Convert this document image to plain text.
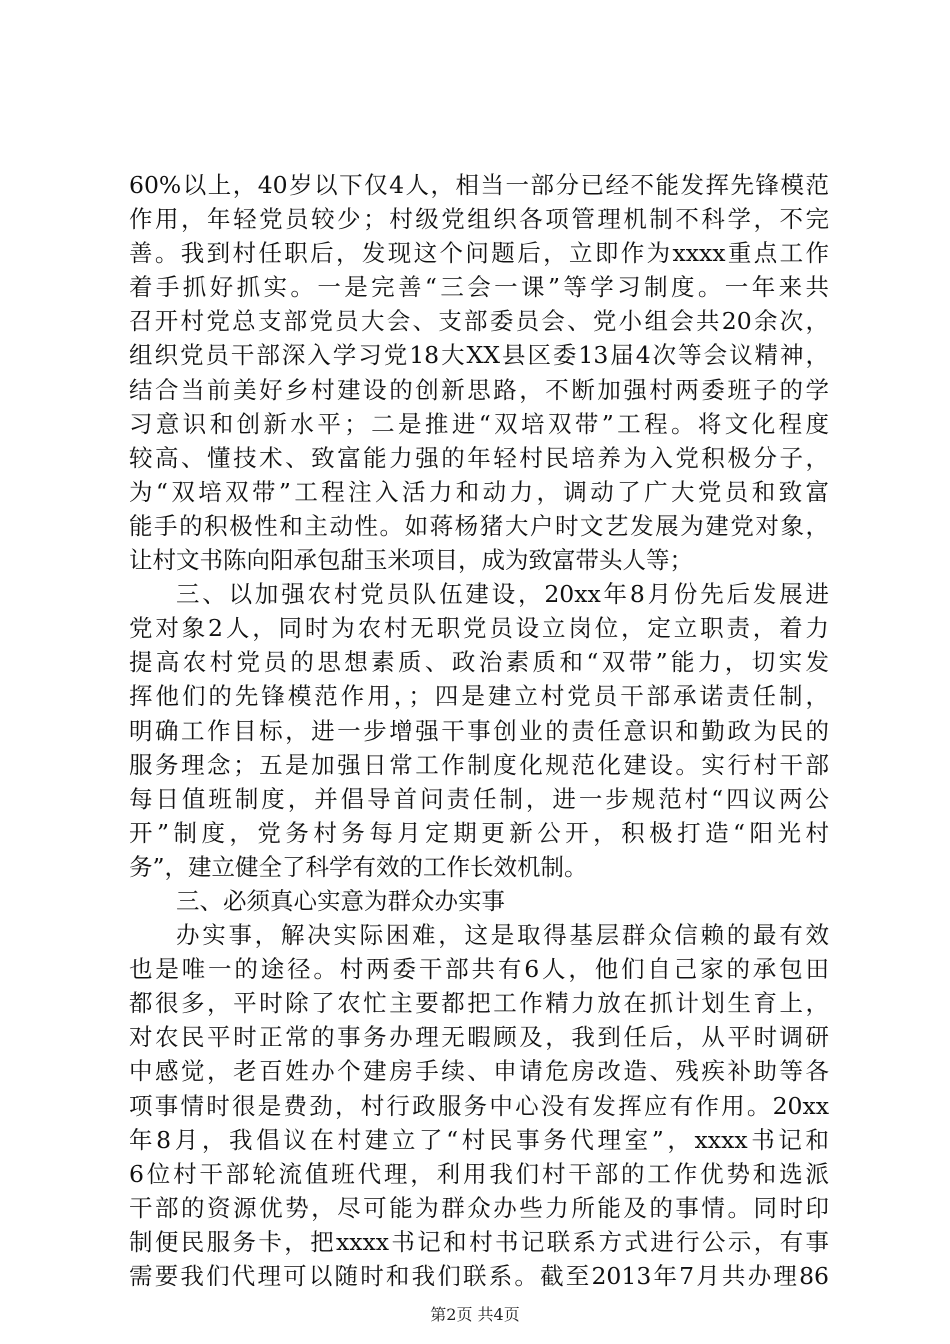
60%以上，40岁以下仅4人，相当一部分已经不能发挥先锋模范
作用，年轻党员较少；村级党组织各项管理机制不科学，不完
善。我到村任职后，发现这个问题后，立即作为xxxx重点工作
着手抓好抓实。一是完善“三会一课”等学习制度。一年来共
召开村党总支部党员大会、支部委员会、党小组会共20余次，
组织党员干部深入学习党18大XX县区委13届4次等会议精神，
结合当前美好乡村建设的创新思路，不断加强村两委班子的学
习意识和创新水平；二是推进“双培双带”工程。将文化程度
较高、懂技术、致富能力强的年轻村民培养为入党积极分子，
为“双培双带”工程注入活力和动力，调动了广大党员和致富
能手的积极性和主动性。如蒋杨猪大户时文艺发展为建党对象，
让村文书陈向阳承包甜玉米项目，成为致富带头人等；
三、以加强农村党员队伍建设，20xx年8月份先后发展进
党对象2人，同时为农村无职党员设立岗位，定立职责，着力
提高农村党员的思想素质、政治素质和“双带”能力，切实发
挥他们的先锋模范作用，；四是建立村党员干部承诺责任制，
明确工作目标，进一步增强干事创业的责任意识和勤政为民的
服务理念；五是加强日常工作制度化规范化建设。实行村干部
每日值班制度，并倡导首问责任制，进一步规范村“四议两公
开”制度，党务村务每月定期更新公开，积极打造“阳光村
务”，建立健全了科学有效的工作长效机制。
三、必须真心实意为群众办实事
办实事，解决实际困难，这是取得基层群众信赖的最有效
也是唯一的途径。村两委干部共有6人，他们自己家的承包田
都很多，平时除了农忙主要都把工作精力放在抓计划生育上，
对农民平时正常的事务办理无暇顾及，我到任后，从平时调研
中感觉，老百姓办个建房手续、申请危房改造、残疾补助等各
项事情时很是费劲，村行政服务中心没有发挥应有作用。20xx
年8月，我倡议在村建立了“村民事务代理室”，xxxx书记和
6位村干部轮流值班代理，利用我们村干部的工作优势和选派
干部的资源优势，尽可能为群众办些力所能及的事情。同时印
制便民服务卡，把xxxx书记和村书记联系方式进行公示，有事
需要我们代理可以随时和我们联系。截至2013年7月共办理86
第2页 共4页
